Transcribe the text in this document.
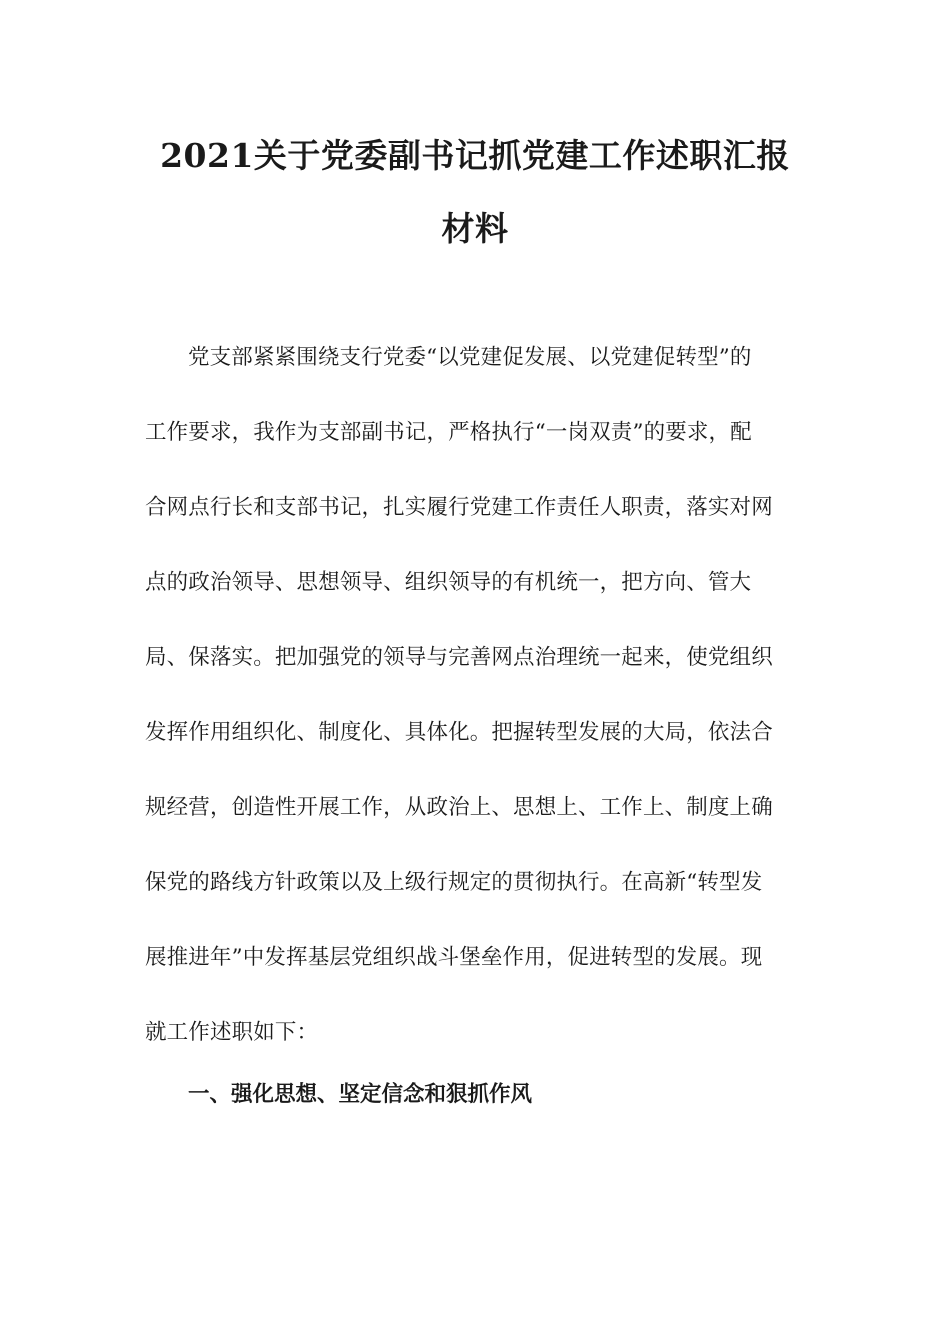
2021关于党委副书记抓党建工作述职汇报
材料
党支部紧紧围绕支行党委“以党建促发展、以党建促转型”的
工作要求，我作为支部副书记，严格执行“一岗双责”的要求，配
合网点行长和支部书记，扎实履行党建工作责任人职责，落实对网
点的政治领导、思想领导、组织领导的有机统一，把方向、管大
局、保落实。把加强党的领导与完善网点治理统一起来，使党组织
发挥作用组织化、制度化、具体化。把握转型发展的大局，依法合
规经营，创造性开展工作，从政治上、思想上、工作上、制度上确
保党的路线方针政策以及上级行规定的贯彻执行。在高新“转型发
展推进年”中发挥基层党组织战斗堡垒作用，促进转型的发展。现
就工作述职如下：
一、强化思想、坚定信念和狠抓作风
